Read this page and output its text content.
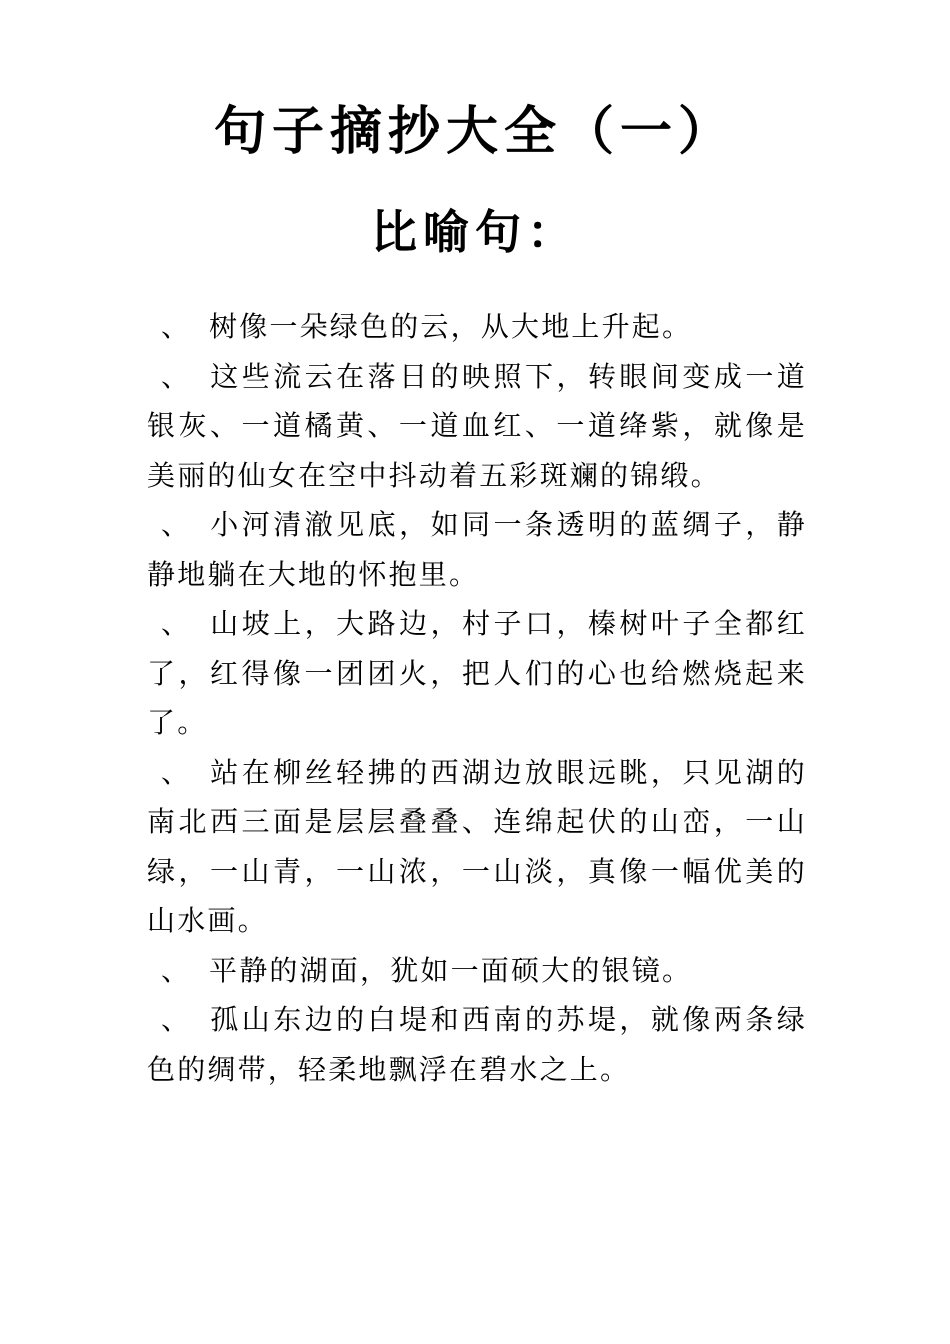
句子摘抄大全（一）
比喻句：

、 树像一朵绿色的云，从大地上升起。

、 这些流云在落日的映照下，转眼间变成一道银灰、一道橘黄、一道血红、一道绛紫，就像是美丽的仙女在空中抖动着五彩斑斓的锦缎。

、 小河清澈见底，如同一条透明的蓝绸子，静静地躺在大地的怀抱里。

、 山坡上，大路边，村子口，榛树叶子全都红了，红得像一团团火，把人们的心也给燃烧起来了。

、 站在柳丝轻拂的西湖边放眼远眺，只见湖的南北西三面是层层叠叠、连绵起伏的山峦，一山绿，一山青，一山浓，一山淡，真像一幅优美的山水画。

、 平静的湖面，犹如一面硕大的银镜。

、 孤山东边的白堤和西南的苏堤，就像两条绿色的绸带，轻柔地飘浮在碧水之上。
